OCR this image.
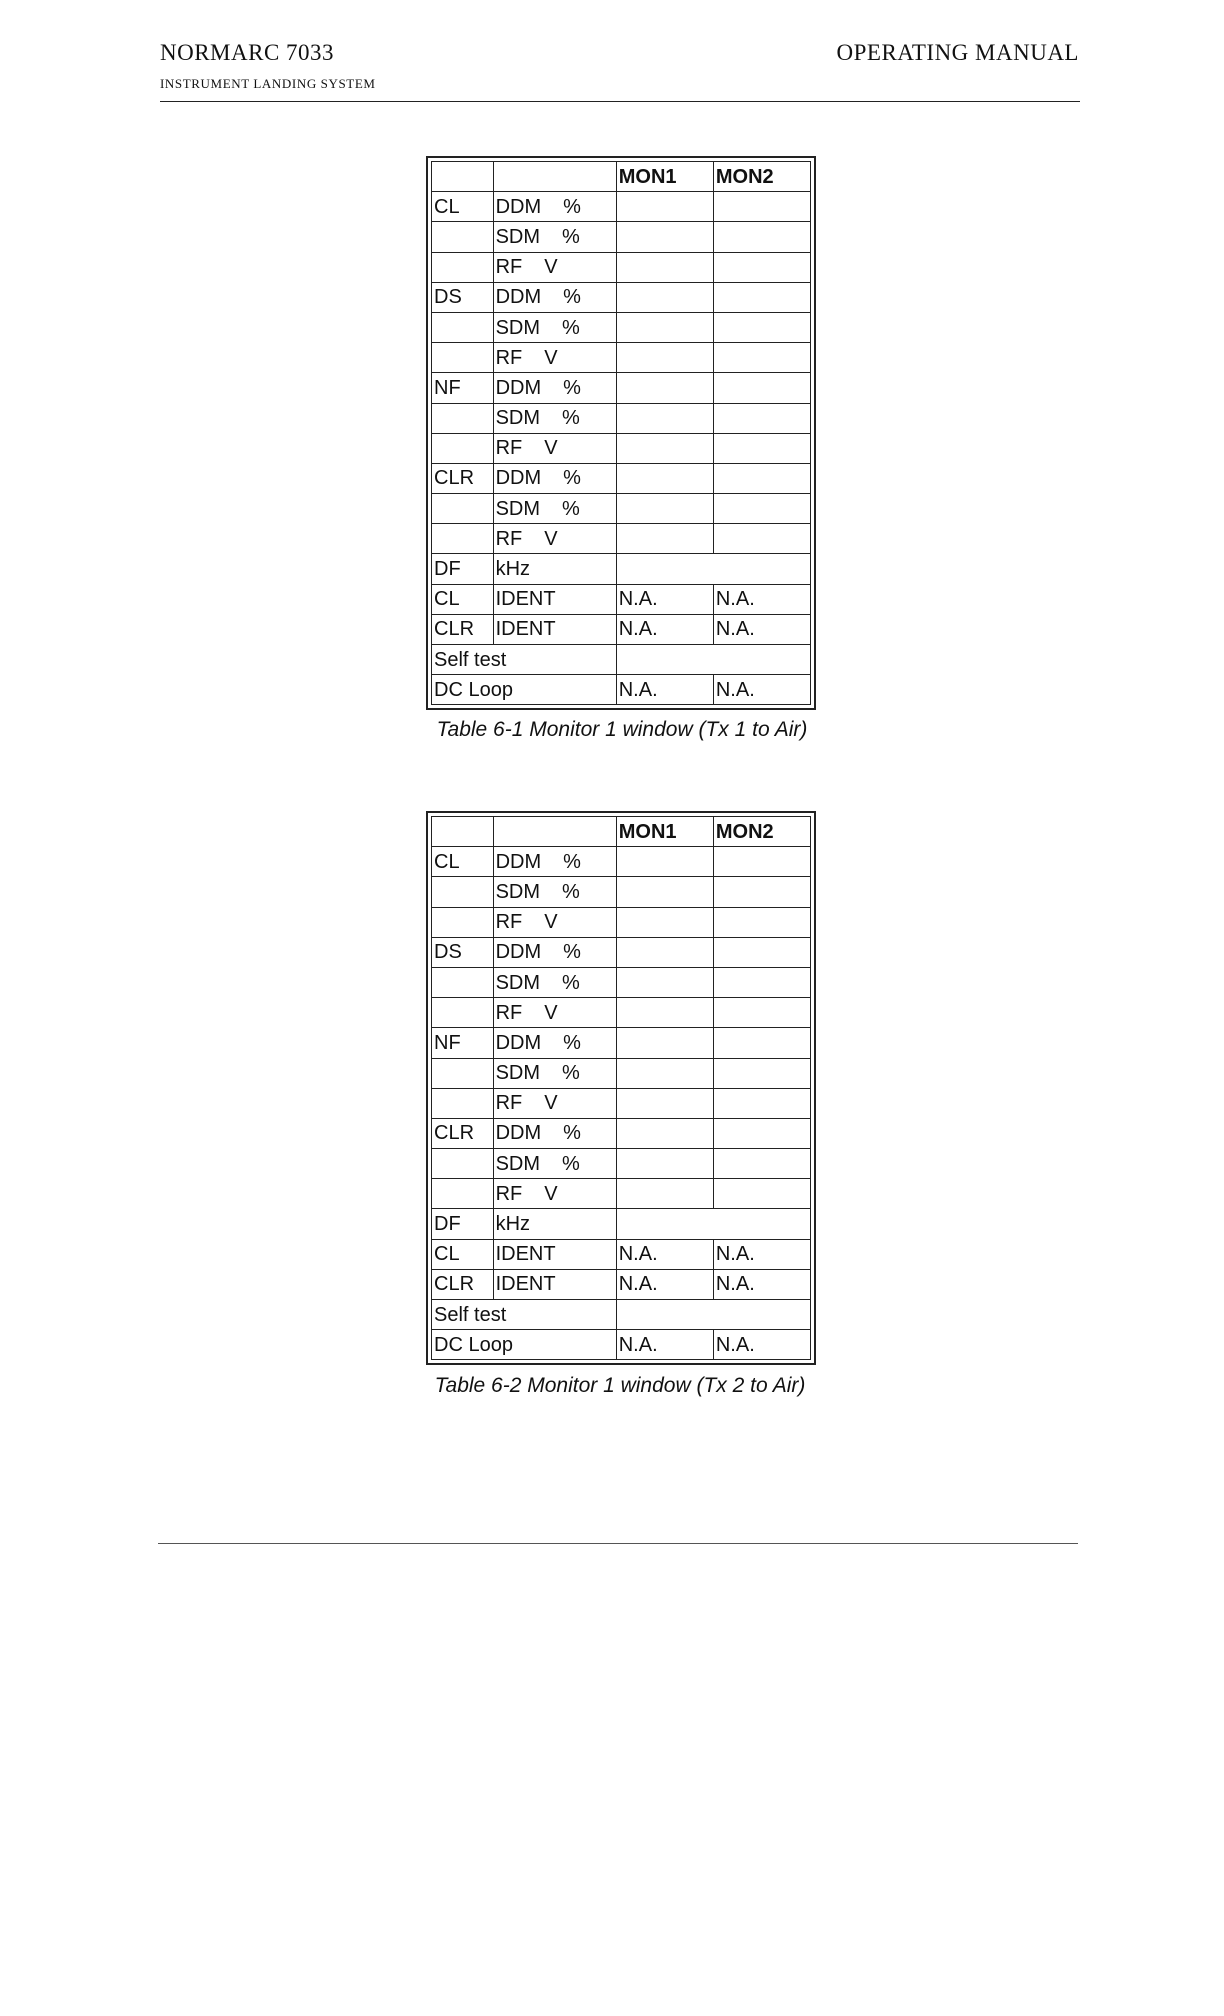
NORMARC 7033
INSTRUMENT LANDING SYSTEM
OPERATING MANUAL
		MON1	MON2
CL	DDM %		
	SDM %		
	RF V		
DS	DDM %		
	SDM %		
	RF V		
NF	DDM %		
	SDM %		
	RF V		
CLR	DDM %		
	SDM %		
	RF V		
DF	kHz		
CL	IDENT	N.A.	N.A.
CLR	IDENT	N.A.	N.A.
Self test			
DC Loop		N.A.	N.A.
Table 6-1 Monitor 1 window (Tx 1 to Air)
		MON1	MON2
CL	DDM %		
	SDM %		
	RF V		
DS	DDM %		
	SDM %		
	RF V		
NF	DDM %		
	SDM %		
	RF V		
CLR	DDM %		
	SDM %		
	RF V		
DF	kHz		
CL	IDENT	N.A.	N.A.
CLR	IDENT	N.A.	N.A.
Self test			
DC Loop		N.A.	N.A.
Table 6-2 Monitor 1 window (Tx 2 to Air)
